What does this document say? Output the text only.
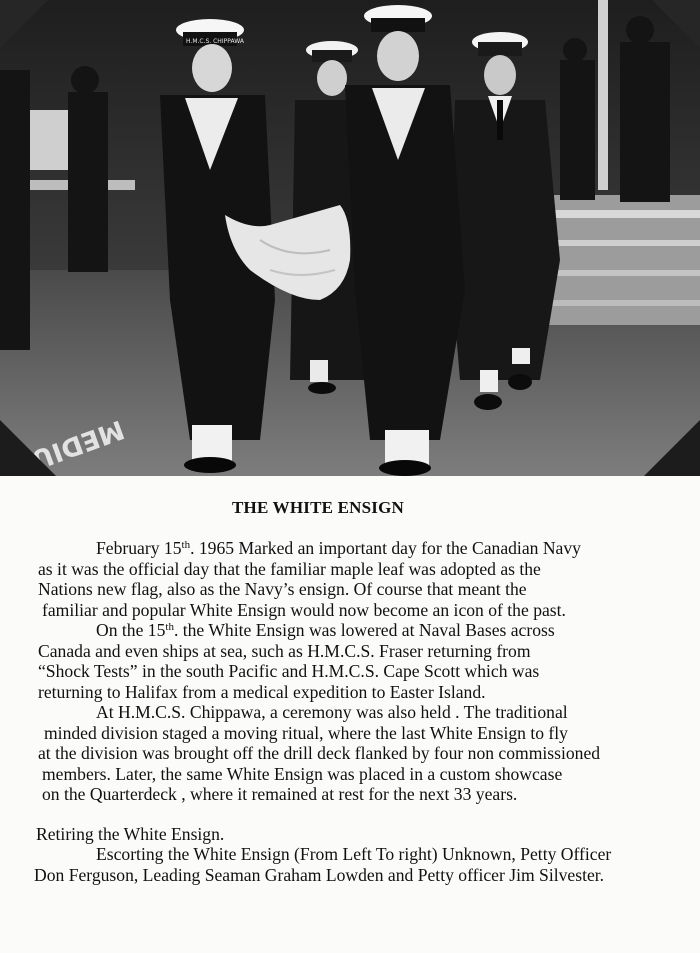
H.M.C.S. CHIPPAWA
THE WHITE ENSIGN
February 15th. 1965 Marked an important day for the Canadian Navy
as it was the official day that the familiar maple leaf was adopted as the
Nations new flag, also as the Navy’s ensign. Of course that meant the
familiar and popular White Ensign would now become an icon of the past.
On the 15th. the White Ensign was lowered at Naval Bases across
Canada and even ships at sea, such as H.M.C.S. Fraser returning from
“Shock Tests” in the south Pacific and H.M.C.S. Cape Scott which was
returning to Halifax from a medical expedition to Easter Island.
At H.M.C.S. Chippawa, a ceremony was also held . The traditional
minded division staged a moving ritual, where the last White Ensign to fly
at the division was brought off the drill deck flanked by four non commissioned
members. Later, the same White Ensign was placed in a custom showcase
on the Quarterdeck , where it remained at rest for the next 33 years.
Retiring the White Ensign.
Escorting the White Ensign (From Left To right) Unknown, Petty Officer
Don Ferguson, Leading Seaman Graham Lowden and Petty officer Jim Silvester.
